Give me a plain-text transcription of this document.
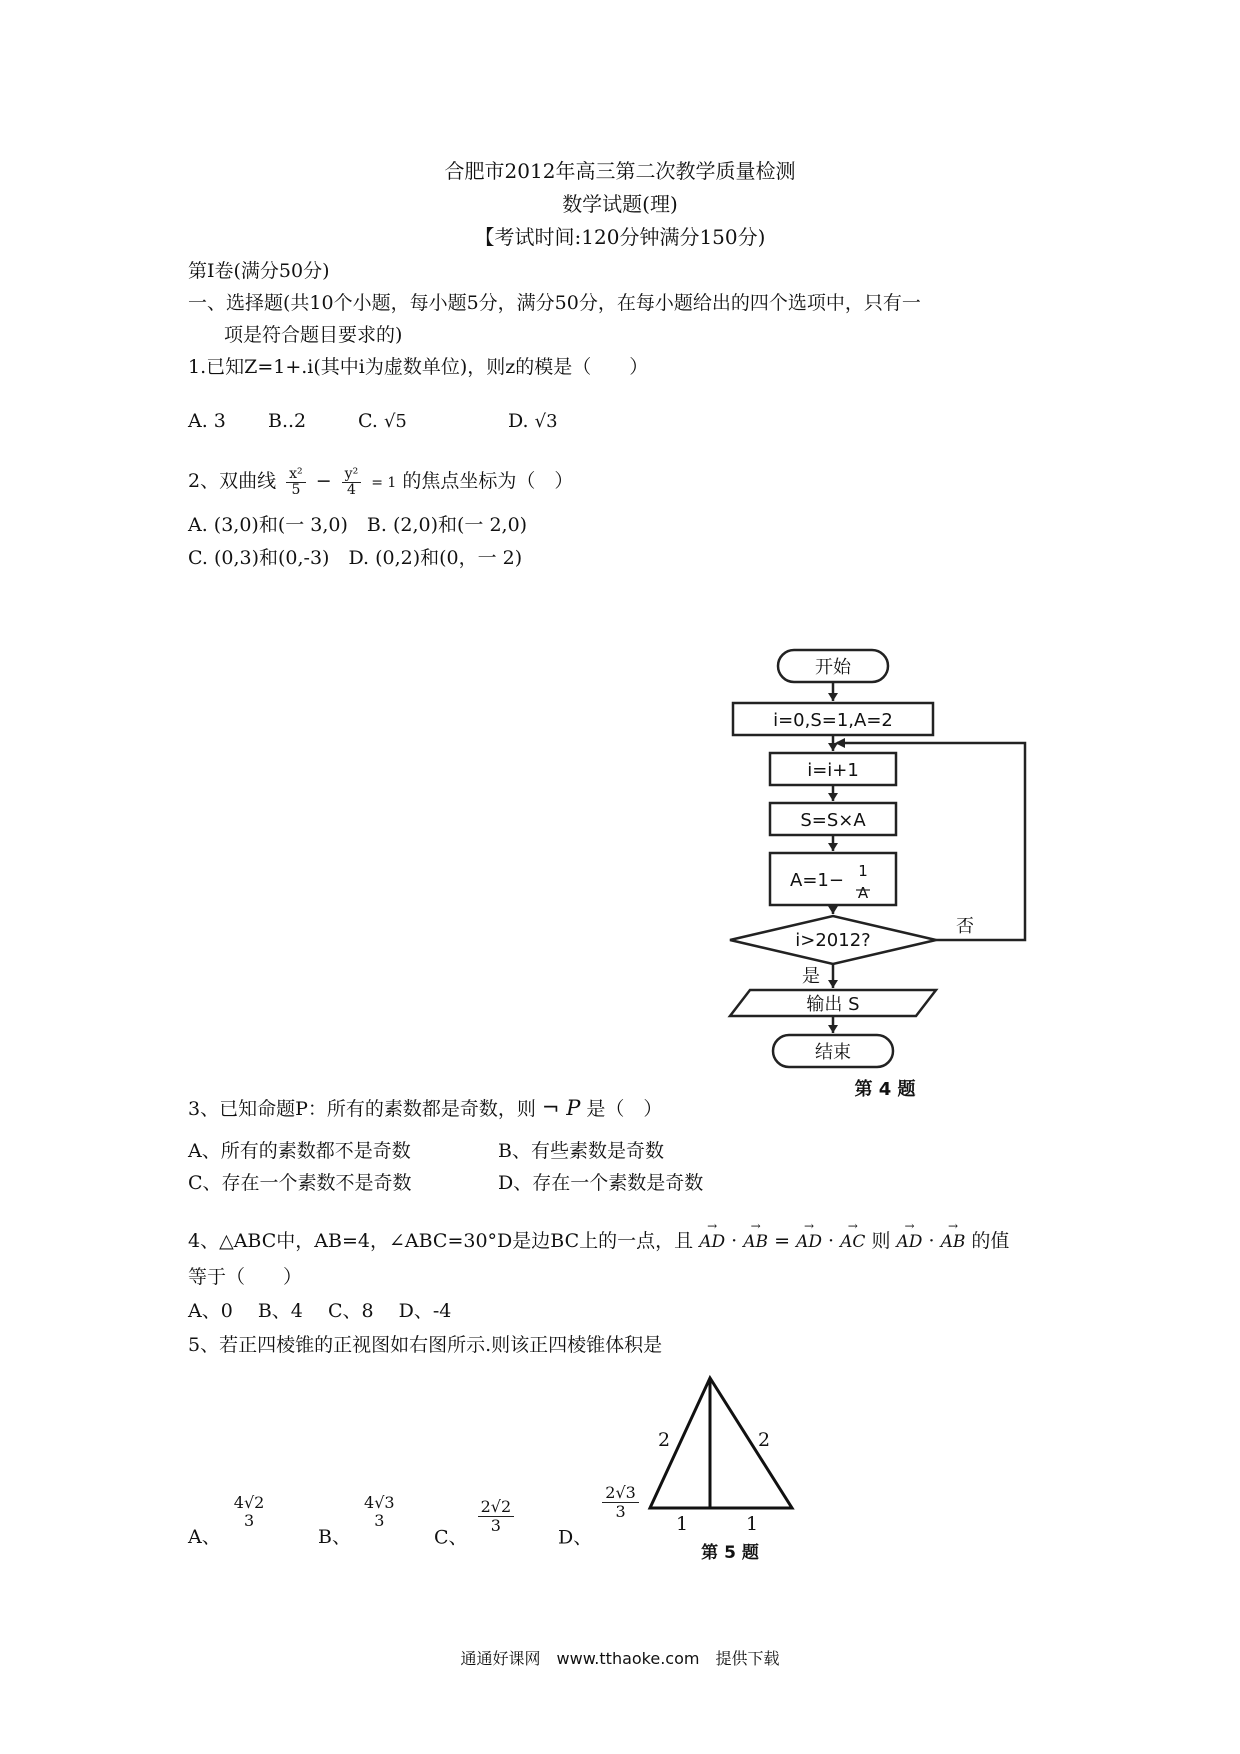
合肥市2012年高三第二次教学质量检测
数学试题(理)
【考试时间:120分钟满分150分)
第I卷(满分50分)
一、选择题(共10个小题，每小题5分，满分50分，在每小题给出的四个选项中，只有一
项是符合题目要求的)
1.已知Z=1+.i(其中i为虚数单位)，则z的模是（　　）
A. 3 B..2	C. √5	D. √3
2、双曲线 $\frac{\text{x²}}{5} - \frac{\text{y²}}{4} = 1$ 的焦点坐标为（　）
A. (3,0)和(一 3,0)　B. (2,0)和(一 2,0)
C. (0,3)和(0,-3)　D. (0,2)和(0，一 2)
开始
i=0,S=1,A=2
i=i+1
S=S×A
A=1− 1
A
i>2012?
否
是
输出 S
结束
第 4 题
3、已知命题P：所有的素数都是奇数，则 ¬ P 是（　）
A、所有的素数都不是奇数	B、有些素数是奇数
C、存在一个素数不是奇数	D、存在一个素数是奇数
4、△ABC中，AB=4，∠ABC=30°D是边BC上的一点，且 → AD · → AB = → AD · → AC 则 → AD · → AB 的值
等于（　　）
A、0　 B、4　 C、8　 D、-4
5、若正四棱锥的正视图如右图所示.则该正四棱锥体积是
2	2
1	1
第 5 题
A、
4√2
3
B、
4√3
3
C、
$\frac{2√2}{3}$
D、
$\frac{2√3}{3}$
通通好课网　www.tthaoke.com　提供下载
